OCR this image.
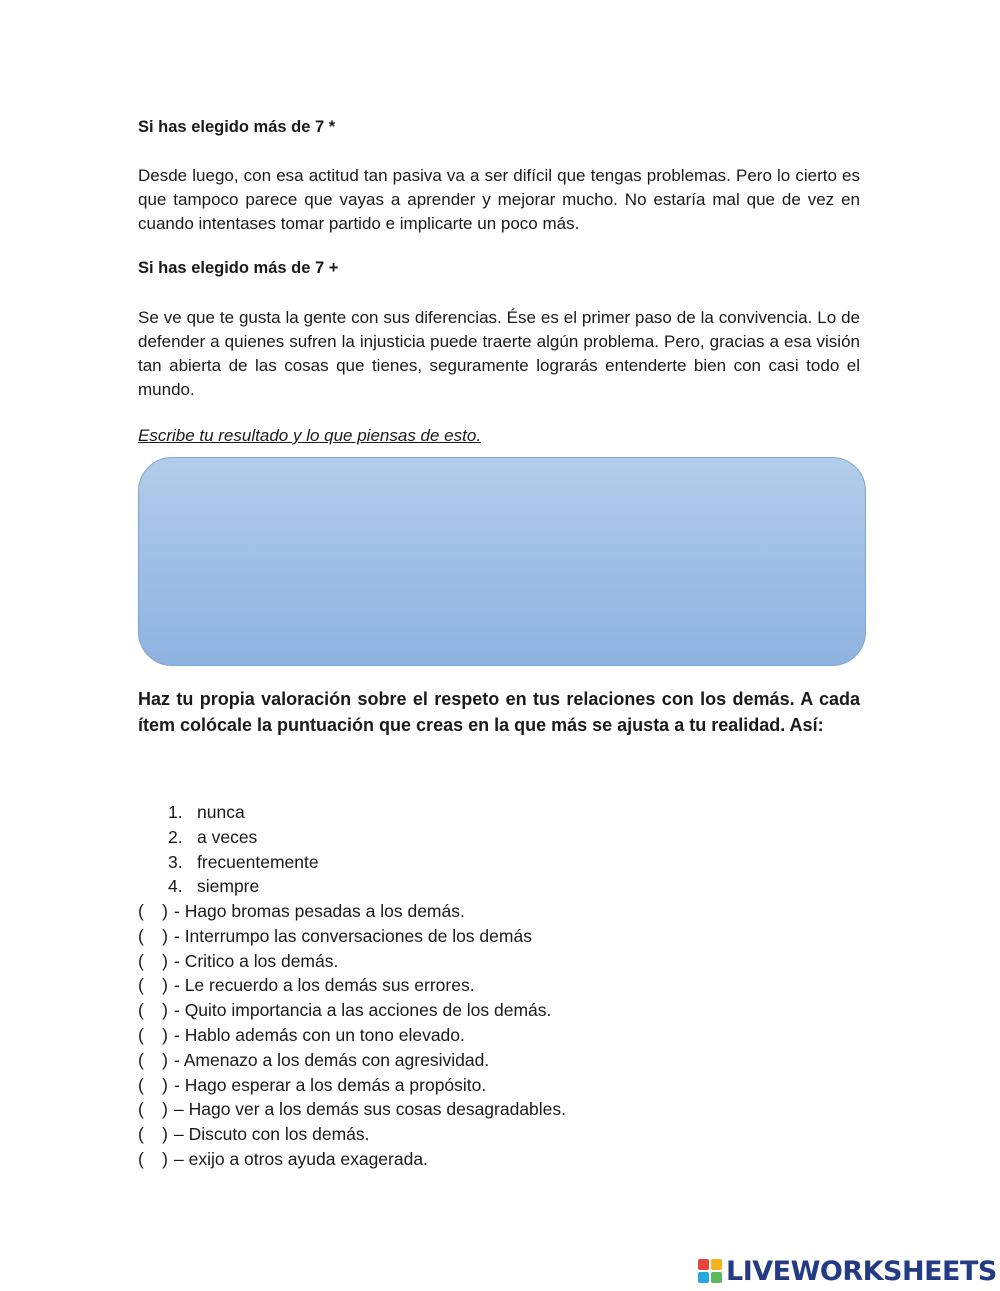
Si has elegido más de 7 *

Desde luego, con esa actitud tan pasiva va a ser difícil que tengas problemas. Pero lo cierto es que tampoco parece que vayas a aprender y mejorar mucho. No estaría mal que de vez en cuando intentases tomar partido e implicarte un poco más.

Si has elegido más de 7 +

Se ve que te gusta la gente con sus diferencias. Ése es el primer paso de la convivencia. Lo de defender a quienes sufren la injusticia puede traerte algún problema. Pero, gracias a esa visión tan abierta de las cosas que tienes, seguramente lograrás entenderte bien con casi todo el mundo.

Escribe tu resultado y lo que piensas de esto.

Haz tu propia valoración sobre el respeto en tus relaciones con los demás. A cada ítem colócale la puntuación que creas en la que más se ajusta a tu realidad. Así:

1. nunca
2. a veces
3. frecuentemente
4. siempre
( ) - Hago bromas pesadas a los demás.
( ) - Interrumpo las conversaciones de los demás
( ) - Critico a los demás.
( ) - Le recuerdo a los demás sus errores.
( ) - Quito importancia a las acciones de los demás.
( ) - Hablo además con un tono elevado.
( ) - Amenazo a los demás con agresividad.
( ) - Hago esperar a los demás a propósito.
( ) – Hago ver a los demás sus cosas desagradables.
( ) – Discuto con los demás.
( ) – exijo a otros ayuda exagerada.
LIVEWORKSHEETS
